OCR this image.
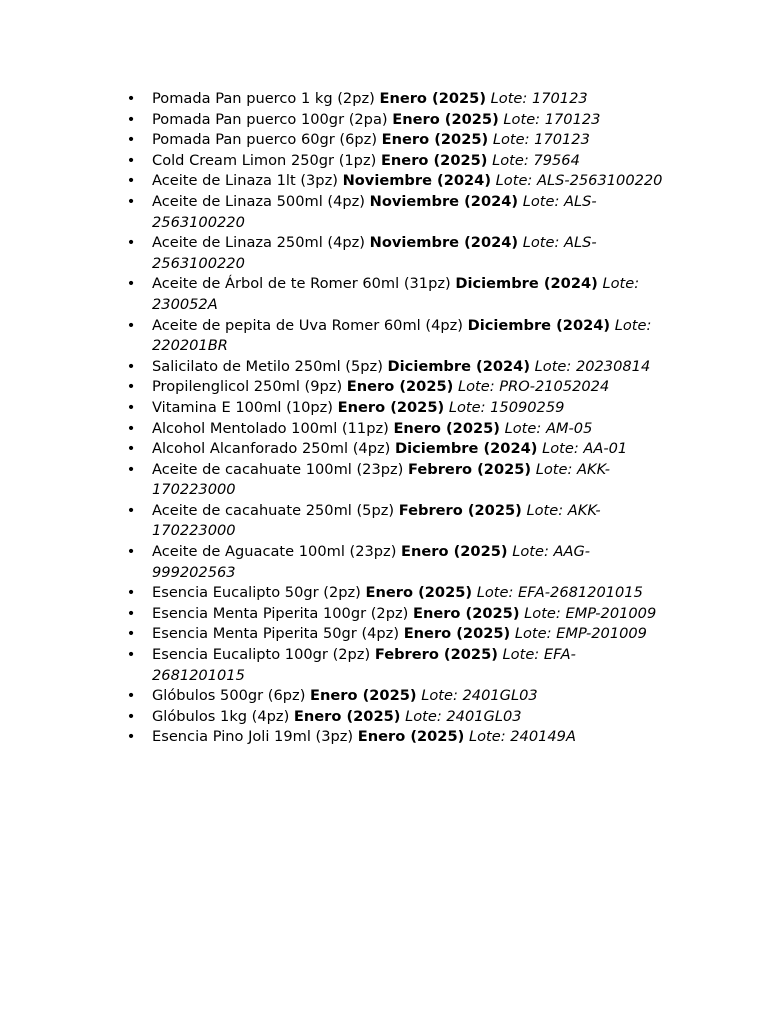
• Pomada Pan puerco 1 kg (2pz) Enero (2025) Lote: 170123
• Pomada Pan puerco 100gr (2pa) Enero (2025) Lote: 170123
• Pomada Pan puerco 60gr (6pz) Enero (2025) Lote: 170123
• Cold Cream Limon 250gr (1pz) Enero (2025) Lote: 79564
• Aceite de Linaza 1lt (3pz) Noviembre (2024) Lote: ALS-2563100220
• Aceite de Linaza 500ml (4pz) Noviembre (2024) Lote: ALS-2563100220
• Aceite de Linaza 250ml (4pz) Noviembre (2024) Lote: ALS-2563100220
• Aceite de Árbol de te Romer 60ml (31pz) Diciembre (2024) Lote: 230052A
• Aceite de pepita de Uva Romer 60ml (4pz) Diciembre (2024) Lote: 220201BR
• Salicilato de Metilo 250ml (5pz) Diciembre (2024) Lote: 20230814
• Propilenglicol 250ml (9pz) Enero (2025) Lote: PRO-21052024
• Vitamina E 100ml (10pz) Enero (2025) Lote: 15090259
• Alcohol Mentolado 100ml (11pz) Enero (2025) Lote: AM-05
• Alcohol Alcanforado 250ml (4pz) Diciembre (2024) Lote: AA-01
• Aceite de cacahuate 100ml (23pz) Febrero (2025) Lote: AKK-170223000
• Aceite de cacahuate 250ml (5pz) Febrero (2025) Lote: AKK-170223000
• Aceite de Aguacate 100ml (23pz) Enero (2025) Lote: AAG-999202563
• Esencia Eucalipto 50gr (2pz) Enero (2025) Lote: EFA-2681201015
• Esencia Menta Piperita 100gr (2pz) Enero (2025) Lote: EMP-201009
• Esencia Menta Piperita 50gr (4pz) Enero (2025) Lote: EMP-201009
• Esencia Eucalipto 100gr (2pz) Febrero (2025) Lote: EFA-2681201015
• Glóbulos 500gr (6pz) Enero (2025) Lote: 2401GL03
• Glóbulos 1kg (4pz) Enero (2025) Lote: 2401GL03
• Esencia Pino Joli 19ml (3pz) Enero (2025) Lote: 240149A
